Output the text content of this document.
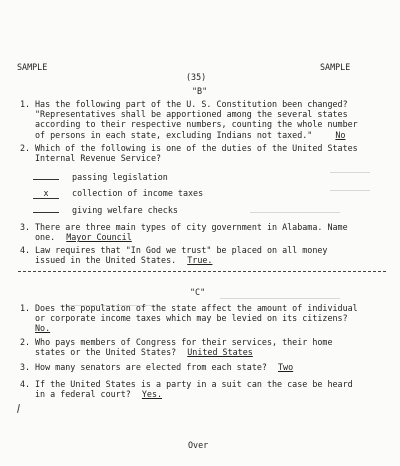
SAMPLE	SAMPLE
(35)
"B"
1. Has the following part of the U. S. Constitution been changed?
"Representatives shall be apportioned among the several states
according to their respective numbers, counting the whole number
of persons in each state, excluding Indians not taxed."	No
2. Which of the following is one of the duties of the United States
Internal Revenue Service?
passing legislation
x	collection of income taxes
giving welfare checks
3. There are three main types of city government in Alabama. Name
one. Mayor Council
4. Law requires that "In God we trust" be placed on all money
issued in the United States. True.
"C"
1. Does the population of the state affect the amount of individual
or corporate income taxes which may be levied on its citizens?
No.
2. Who pays members of Congress for their services, their home
states or the United States? United States
3. How many senators are elected from each state? Two
4. If the United States is a party in a suit can the case be heard
in a federal court? Yes.
Over
